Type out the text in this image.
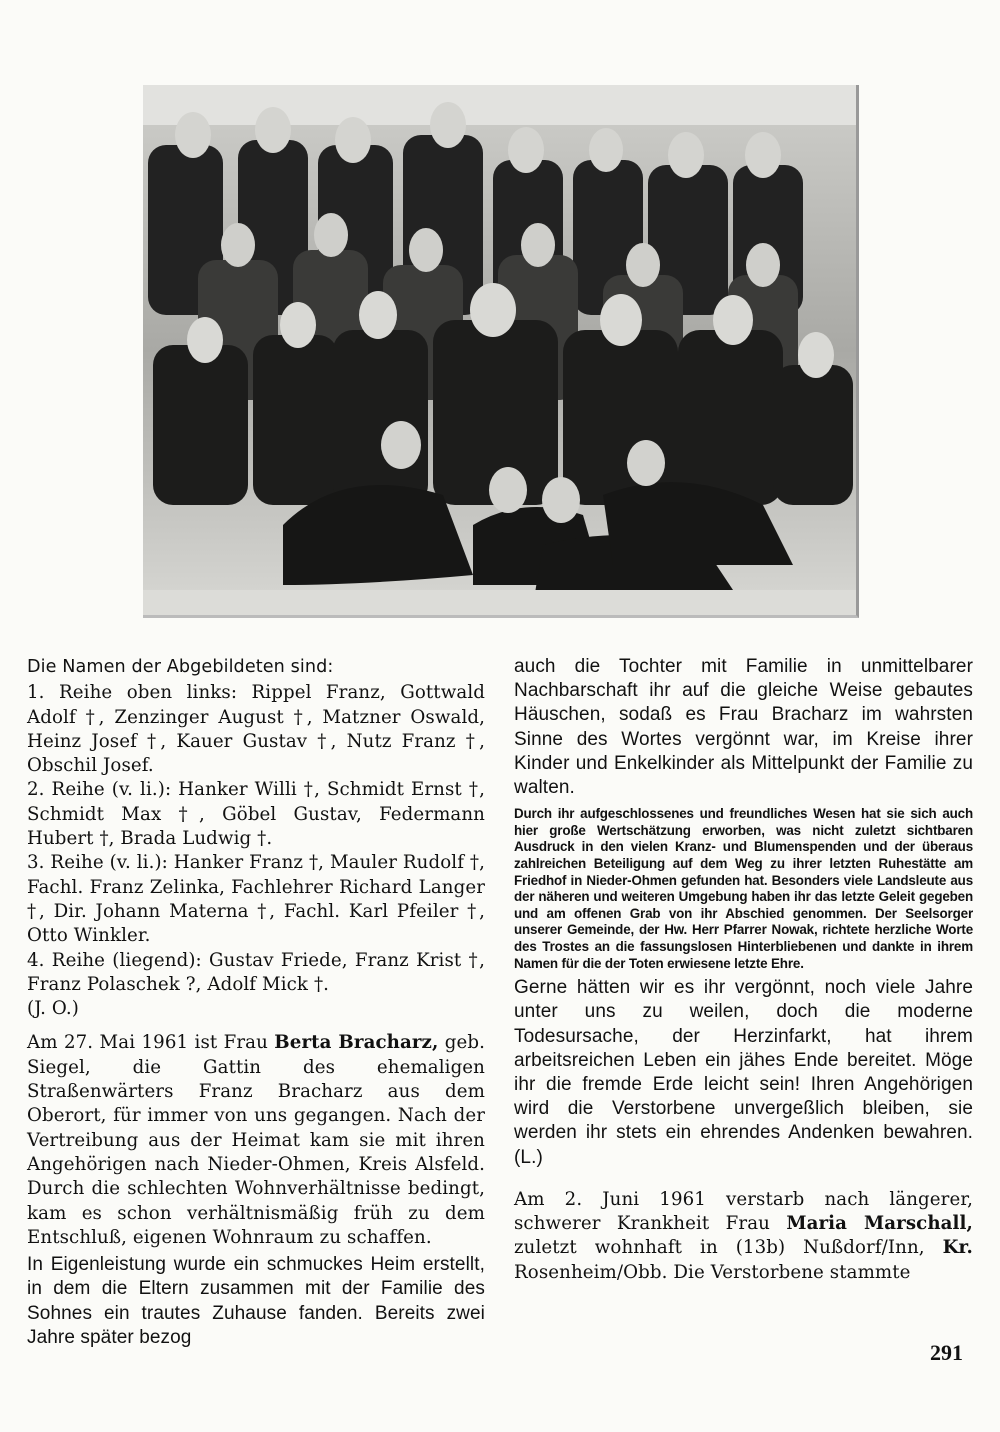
Die Namen der Abgebildeten sind:

1. Reihe oben links: Rippel Franz, Gottwald Adolf †, Zenzinger August †, Matzner Oswald, Heinz Josef †, Kauer Gustav †, Nutz Franz †, Obschil Josef.

2. Reihe (v. li.): Hanker Willi †, Schmidt Ernst †, Schmidt Max †, Göbel Gustav, Federmann Hubert †, Brada Ludwig †.

3. Reihe (v. li.): Hanker Franz †, Mauler Rudolf †, Fachl. Franz Zelinka, Fachlehrer Richard Langer †, Dir. Johann Materna †, Fachl. Karl Pfeiler †, Otto Winkler.

4. Reihe (liegend): Gustav Friede, Franz Krist †, Franz Polaschek ?, Adolf Mick †.

(J. O.)

Am 27. Mai 1961 ist Frau Berta Bracharz, geb. Siegel, die Gattin des ehemaligen Straßenwärters Franz Bracharz aus dem Oberort, für immer von uns gegangen. Nach der Vertreibung aus der Heimat kam sie mit ihren Angehörigen nach Nieder-Ohmen, Kreis Alsfeld. Durch die schlechten Wohnverhältnisse bedingt, kam es schon verhältnismäßig früh zu dem Entschluß, eigenen Wohnraum zu schaffen.

In Eigenleistung wurde ein schmuckes Heim erstellt, in dem die Eltern zusammen mit der Familie des Sohnes ein trautes Zuhause fanden. Bereits zwei Jahre später bezog

auch die Tochter mit Familie in unmittelbarer Nachbarschaft ihr auf die gleiche Weise gebautes Häuschen, sodaß es Frau Bracharz im wahrsten Sinne des Wortes vergönnt war, im Kreise ihrer Kinder und Enkelkinder als Mittelpunkt der Familie zu walten.

Durch ihr aufgeschlossenes und freundliches Wesen hat sie sich auch hier große Wertschätzung erworben, was nicht zuletzt sichtbaren Ausdruck in den vielen Kranz- und Blumenspenden und der überaus zahlreichen Beteiligung auf dem Weg zu ihrer letzten Ruhestätte am Friedhof in Nieder-Ohmen gefunden hat. Besonders viele Landsleute aus der näheren und weiteren Umgebung haben ihr das letzte Geleit gegeben und am offenen Grab von ihr Abschied genommen. Der Seelsorger unserer Gemeinde, der Hw. Herr Pfarrer Nowak, richtete herzliche Worte des Trostes an die fassungslosen Hinterbliebenen und dankte in ihrem Namen für die der Toten erwiesene letzte Ehre.

Gerne hätten wir es ihr vergönnt, noch viele Jahre unter uns zu weilen, doch die moderne Todesursache, der Herzinfarkt, hat ihrem arbeitsreichen Leben ein jähes Ende bereitet. Möge ihr die fremde Erde leicht sein! Ihren Angehörigen wird die Verstorbene unvergeßlich bleiben, sie werden ihr stets ein ehrendes Andenken bewahren. (L.)

Am 2. Juni 1961 verstarb nach längerer, schwerer Krankheit Frau Maria Marschall, zuletzt wohnhaft in (13b) Nußdorf/Inn, Kr. Rosenheim/Obb. Die Verstorbene stammte

291
